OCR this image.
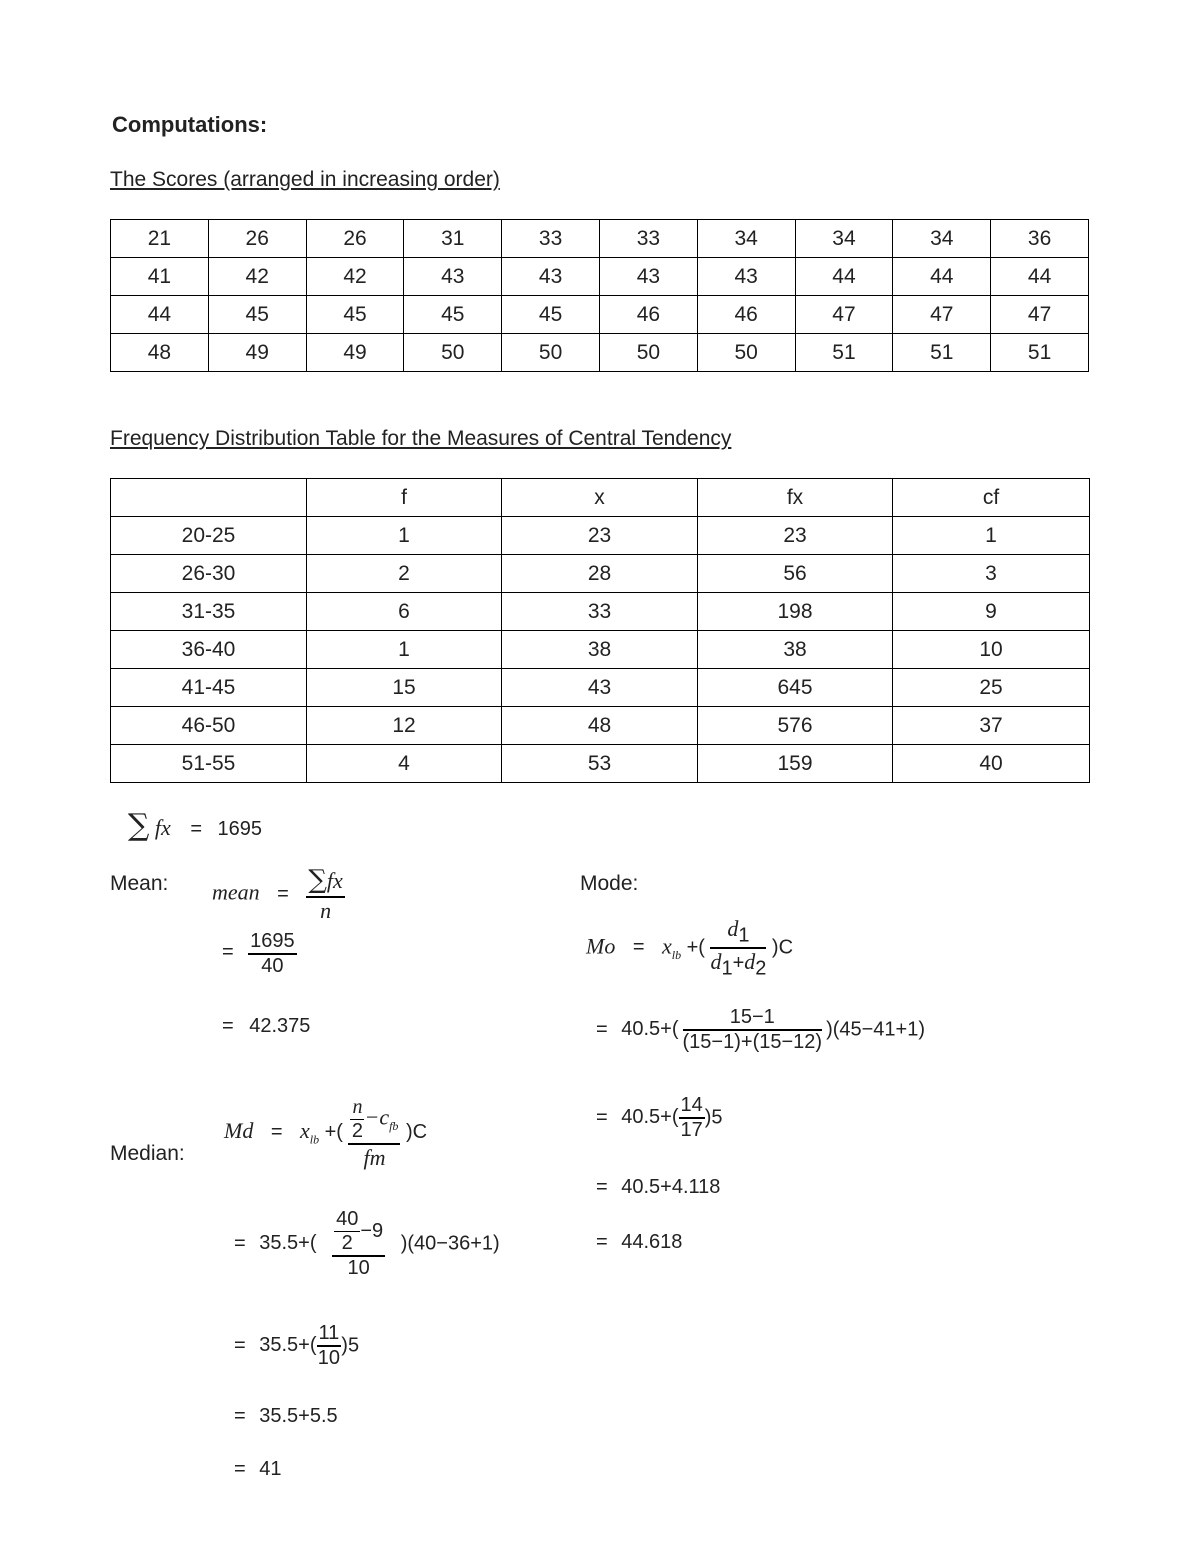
Computations:
The Scores (arranged in increasing order)
21	26	26	31	33	33	34	34	34	36
41	42	42	43	43	43	43	44	44	44
44	45	45	45	45	46	46	47	47	47
48	49	49	50	50	50	50	51	51	51
Frequency Distribution Table for the Measures of Central Tendency
	f	x	fx	cf
20-25	1	23	23	1
26-30	2	28	56	3
31-35	6	33	198	9
36-40	1	38	38	10
41-45	15	43	645	25
46-50	12	48	576	37
51-55	4	53	159	40
∑ fx = 1695
Mean: mean = $\frac{\sum fx}{n}$
= $\frac{1695}{40}$
= 42.375
Median:
$Md = x_{lb}$ +( $\frac{\frac{n}{2} -c_{fb}}{fm} )C$
= $35.5+( \frac{\frac{40}{2} -9}{10} )(40-36+1)$
= $35.5+( \frac{11}{10} )5$
= 35.5+5.5
= 41
Mode:
$Mo = x_{lb}$ +( $\frac{d_1}{d_1+d_2} )C$
= $40.5+( \frac{15-1}{(15-1)+(15-12)} )(45-41+1)$
= $40.5+( \frac{14}{17} )5$
= 40.5+4.118
= 44.618
